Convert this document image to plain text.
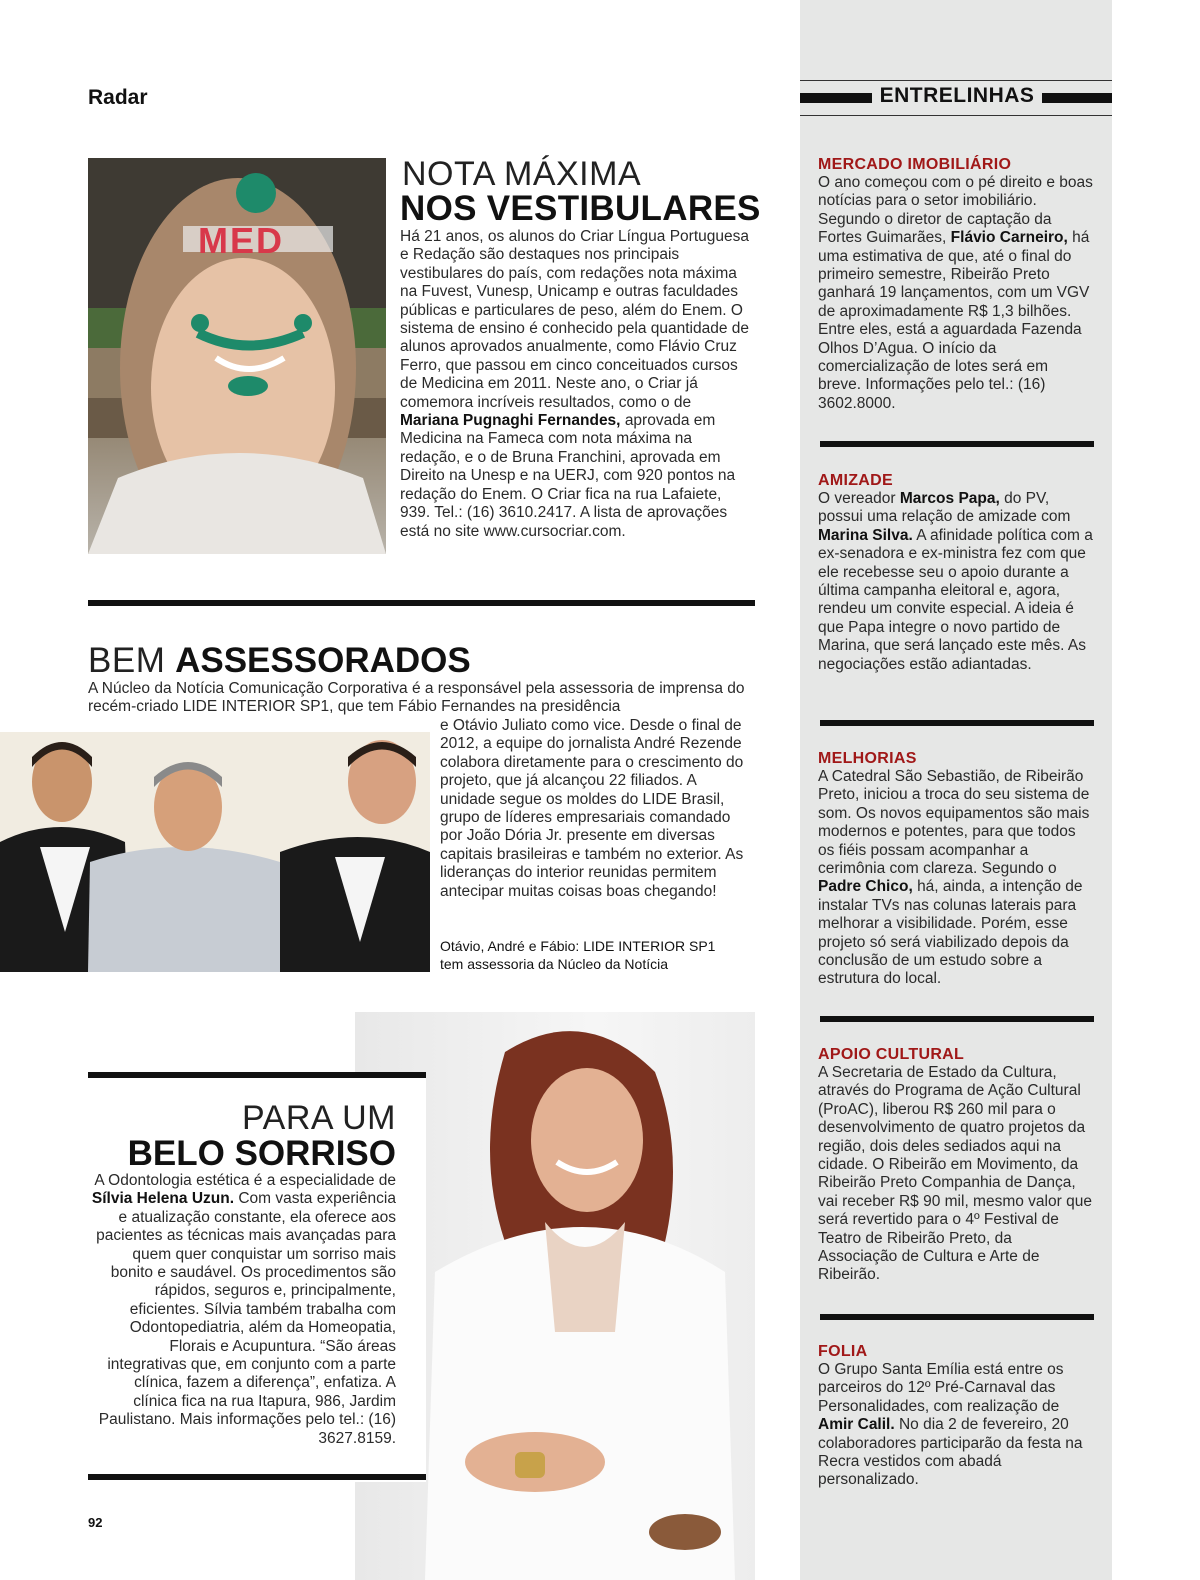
Radar	ENTRELINHAS
MED
NOTA MÁXIMA
NOS VESTIBULARES
Há 21 anos, os alunos do Criar Língua Portuguesa e Redação são destaques nos principais vestibulares do país, com redações nota máxima na Fuvest, Vunesp, Unicamp e outras faculdades públicas e particulares de peso, além do Enem. O sistema de ensino é conhecido pela quantidade de alunos aprovados anualmente, como Flávio Cruz Ferro, que passou em cinco conceituados cursos de Medicina em 2011. Neste ano, o Criar já comemora incríveis resultados, como o de Mariana Pugnaghi Fernandes, aprovada em Medicina na Fameca com nota máxima na redação, e o de Bruna Franchini, aprovada em Direito na Unesp e na UERJ, com 920 pontos na redação do Enem. O Criar fica na rua Lafaiete, 939. Tel.: (16) 3610.2417. A lista de aprovações está no site www.cursocriar.com.
BEM ASSESSORADOS
A Núcleo da Notícia Comunicação Corporativa é a responsável pela assessoria de imprensa do recém-criado LIDE INTERIOR SP1, que tem Fábio Fernandes na presidência
e Otávio Juliato como vice. Desde o final de 2012, a equipe do jornalista André Rezende colabora diretamente para o crescimento do projeto, que já alcançou 22 filiados. A unidade segue os moldes do LIDE Brasil, grupo de líderes empresariais comandado por João Dória Jr. presente em diversas capitais brasileiras e também no exterior. As lideranças do interior reunidas permitem antecipar muitas coisas boas chegando!
Otávio, André e Fábio: LIDE INTERIOR SP1 tem assessoria da Núcleo da Notícia
PARA UM
BELO SORRISO
A Odontologia estética é a especialidade de Sílvia Helena Uzun. Com vasta experiência e atualização constante, ela oferece aos pacientes as técnicas mais avançadas para quem quer conquistar um sorriso mais bonito e saudável. Os procedimentos são rápidos, seguros e, principalmente, eficientes. Sílvia também trabalha com Odontopediatria, além da Homeopatia, Florais e Acupuntura. “São áreas integrativas que, em conjunto com a parte clínica, fazem a diferença”, enfatiza. A clínica fica na rua Itapura, 986, Jardim Paulistano. Mais informações pelo tel.: (16) 3627.8159.
92
MERCADO IMOBILIÁRIO
O ano começou com o pé direito e boas notícias para o setor imobiliário. Segundo o diretor de captação da Fortes Guimarães, Flávio Carneiro, há uma estimativa de que, até o final do primeiro semestre, Ribeirão Preto ganhará 19 lançamentos, com um VGV de aproximadamente R$ 1,3 bilhões. Entre eles, está a aguardada Fazenda Olhos D’Agua. O início da comercialização de lotes será em breve. Informações pelo tel.: (16) 3602.8000.
AMIZADE
O vereador Marcos Papa, do PV, possui uma relação de amizade com Marina Silva. A afinidade política com a ex-senadora e ex-ministra fez com que ele recebesse seu o apoio durante a última campanha eleitoral e, agora, rendeu um convite especial. A ideia é que Papa integre o novo partido de Marina, que será lançado este mês. As negociações estão adiantadas.
MELHORIAS
A Catedral São Sebastião, de Ribeirão Preto, iniciou a troca do seu sistema de som. Os novos equipamentos são mais modernos e potentes, para que todos os fiéis possam acompanhar a cerimônia com clareza. Segundo o Padre Chico, há, ainda, a intenção de instalar TVs nas colunas laterais para melhorar a visibilidade. Porém, esse projeto só será viabilizado depois da conclusão de um estudo sobre a estrutura do local.
APOIO CULTURAL
A Secretaria de Estado da Cultura, através do Programa de Ação Cultural (ProAC), liberou R$ 260 mil para o desenvolvimento de quatro projetos da região, dois deles sediados aqui na cidade. O Ribeirão em Movimento, da Ribeirão Preto Companhia de Dança, vai receber R$ 90 mil, mesmo valor que será revertido para o 4º Festival de Teatro de Ribeirão Preto, da Associação de Cultura e Arte de Ribeirão.
FOLIA
O Grupo Santa Emília está entre os parceiros do 12º Pré-Carnaval das Personalidades, com realização de Amir Calil. No dia 2 de fevereiro, 20 colaboradores participarão da festa na Recra vestidos com abadá personalizado.
